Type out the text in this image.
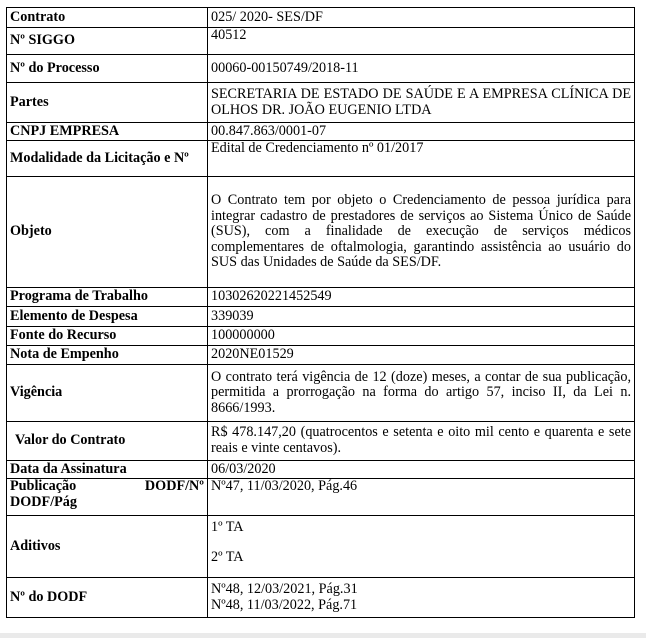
Contrato	025/ 2020- SES/DF
Nº SIGGO	40512
Nº do Processo	00060-00150749/2018-11
Partes	SECRETARIA DE ESTADO DE SAÚDE E A EMPRESA CLÍNICA DE OLHOS DR. JOÃO EUGENIO LTDA
CNPJ EMPRESA	00.847.863/0001-07
Modalidade da Licitação e Nº	Edital de Credenciamento nº 01/2017
Objeto	O Contrato tem por objeto o Credenciamento de pessoa jurídica para integrar cadastro de prestadores de serviços ao Sistema Único de Saúde (SUS), com a finalidade de execução de serviços médicos complementares de oftalmologia, garantindo assistência ao usuário do SUS das Unidades de Saúde da SES/DF.
Programa de Trabalho	10302620221452549
Elemento de Despesa	339039
Fonte do Recurso	100000000
Nota de Empenho	2020NE01529
Vigência	O contrato terá vigência de 12 (doze) meses, a contar de sua publicação, permitida a prorrogação na forma do artigo 57, inciso II, da Lei n. 8666/1993.
Valor do Contrato	R$ 478.147,20 (quatrocentos e setenta e oito mil cento e quarenta e sete reais e vinte centavos).
Data da Assinatura	06/03/2020

Publicação DODF/Nº
DODF/Pág	Nº47, 11/03/2020, Pág.46
Aditivos	1º TA
2º TA

Nº do DODF	Nº48, 12/03/2021, Pág.31
Nº48, 11/03/2022, Pág.71
